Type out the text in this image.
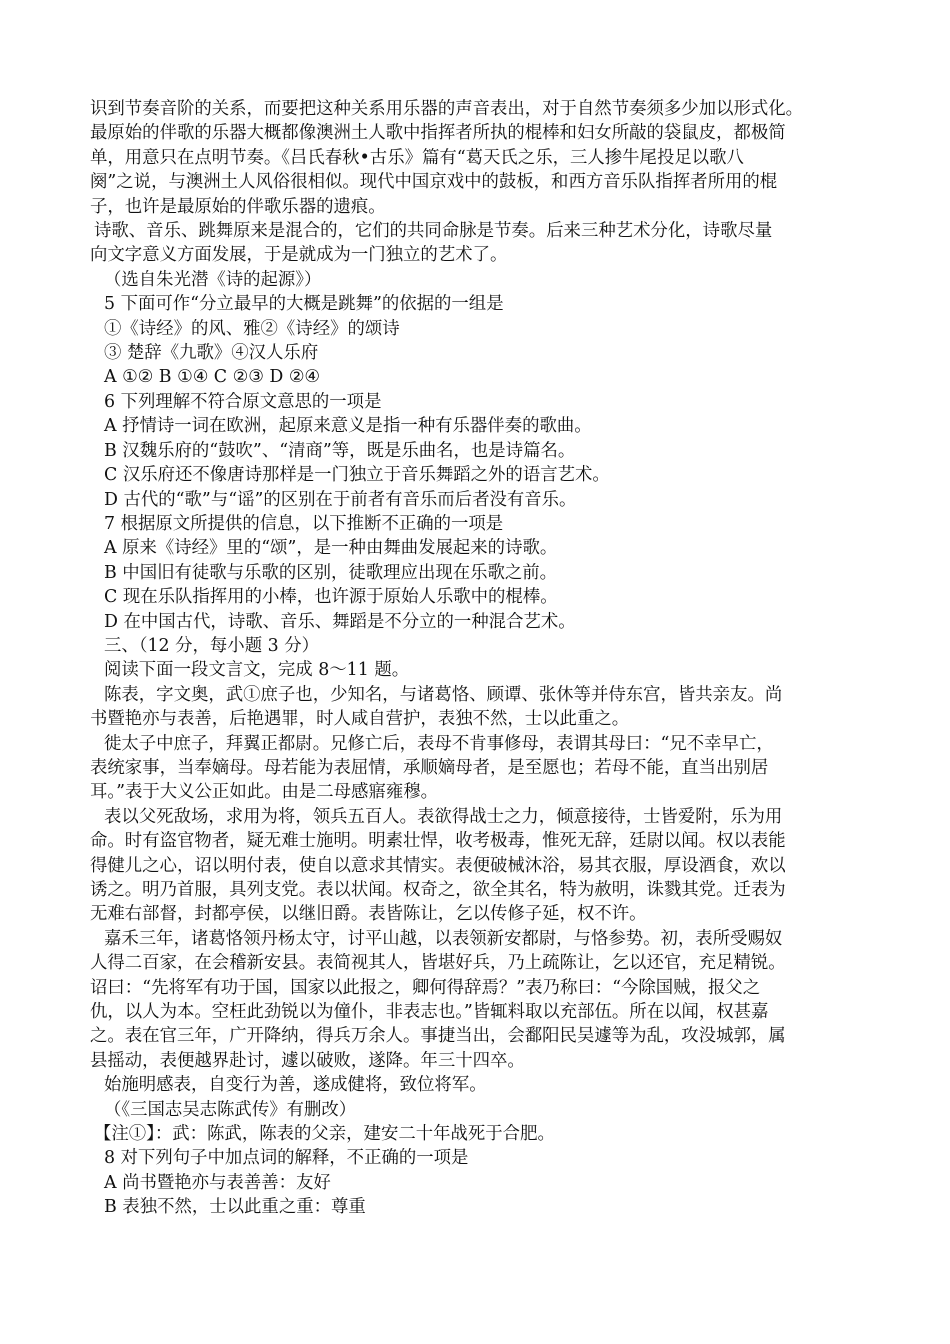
识到节奏音阶的关系，而要把这种关系用乐器的声音表出，对于自然节奏须多少加以形式化。

最原始的伴歌的乐器大概都像澳洲土人歌中指挥者所执的棍棒和妇女所敲的袋鼠皮，都极简

单，用意只在点明节奏。《吕氏春秋•古乐》篇有“葛天氏之乐，三人掺牛尾投足以歌八

阕”之说，与澳洲土人风俗很相似。现代中国京戏中的鼓板，和西方音乐队指挥者所用的棍

子，也许是最原始的伴歌乐器的遗痕。

诗歌、音乐、跳舞原来是混合的，它们的共同命脉是节奏。后来三种艺术分化，诗歌尽量

向文字意义方面发展，于是就成为一门独立的艺术了。

（选自朱光潜《诗的起源》）

5 下面可作“分立最早的大概是跳舞”的依据的一组是

①《诗经》的风、雅②《诗经》的颂诗

③ 楚辞《九歌》④汉人乐府

A ①② B ①④ C ②③ D ②④

6 下列理解不符合原文意思的一项是

A 抒情诗一词在欧洲，起原来意义是指一种有乐器伴奏的歌曲。

B 汉魏乐府的“鼓吹”、“清商”等，既是乐曲名，也是诗篇名。

C 汉乐府还不像唐诗那样是一门独立于音乐舞蹈之外的语言艺术。

D 古代的“歌”与“谣”的区别在于前者有音乐而后者没有音乐。

7 根据原文所提供的信息，以下推断不正确的一项是

A 原来《诗经》里的“颂”，是一种由舞曲发展起来的诗歌。

B 中国旧有徒歌与乐歌的区别，徒歌理应出现在乐歌之前。

C 现在乐队指挥用的小棒，也许源于原始人乐歌中的棍棒。

D 在中国古代，诗歌、音乐、舞蹈是不分立的一种混合艺术。

三、（12 分，每小题 3 分）

阅读下面一段文言文，完成 8～11 题。

陈表，字文奥，武①庶子也，少知名，与诸葛恪、顾谭、张休等并侍东宫，皆共亲友。尚

书暨艳亦与表善，后艳遇罪，时人咸自营护，表独不然，士以此重之。

徙太子中庶子，拜翼正都尉。兄修亡后，表母不肯事修母，表谓其母曰：“兄不幸早亡，

表统家事，当奉嫡母。母若能为表屈情，承顺嫡母者，是至愿也；若母不能，直当出别居

耳。”表于大义公正如此。由是二母感寤雍穆。

表以父死敌场，求用为将，领兵五百人。表欲得战士之力，倾意接待，士皆爱附，乐为用

命。时有盗官物者，疑无难士施明。明素壮悍，收考极毒，惟死无辞，廷尉以闻。权以表能

得健儿之心，诏以明付表，使自以意求其情实。表便破械沐浴，易其衣服，厚设酒食，欢以

诱之。明乃首服，具列支党。表以状闻。权奇之，欲全其名，特为赦明，诛戮其党。迁表为

无难右部督，封都亭侯，以继旧爵。表皆陈让，乞以传修子延，权不许。

嘉禾三年，诸葛恪领丹杨太守，讨平山越，以表领新安都尉，与恪参势。初，表所受赐奴

人得二百家，在会稽新安县。表简视其人，皆堪好兵，乃上疏陈让，乞以还官，充足精锐。

诏曰：“先将军有功于国，国家以此报之，卿何得辞焉？”表乃称曰：“今除国贼，报父之

仇，以人为本。空枉此劲锐以为僮仆，非表志也。”皆辄料取以充部伍。所在以闻，权甚嘉

之。表在官三年，广开降纳，得兵万余人。事捷当出，会鄱阳民吴遽等为乱，攻没城郭，属

县摇动，表便越界赴讨，遽以破败，遂降。年三十四卒。

始施明感表，自变行为善，遂成健将，致位将军。

（《三国志吴志陈武传》有删改）

【注①】：武：陈武，陈表的父亲，建安二十年战死于合肥。

8 对下列句子中加点词的解释，不正确的一项是

A 尚书暨艳亦与表善善：友好

B 表独不然，士以此重之重：尊重
